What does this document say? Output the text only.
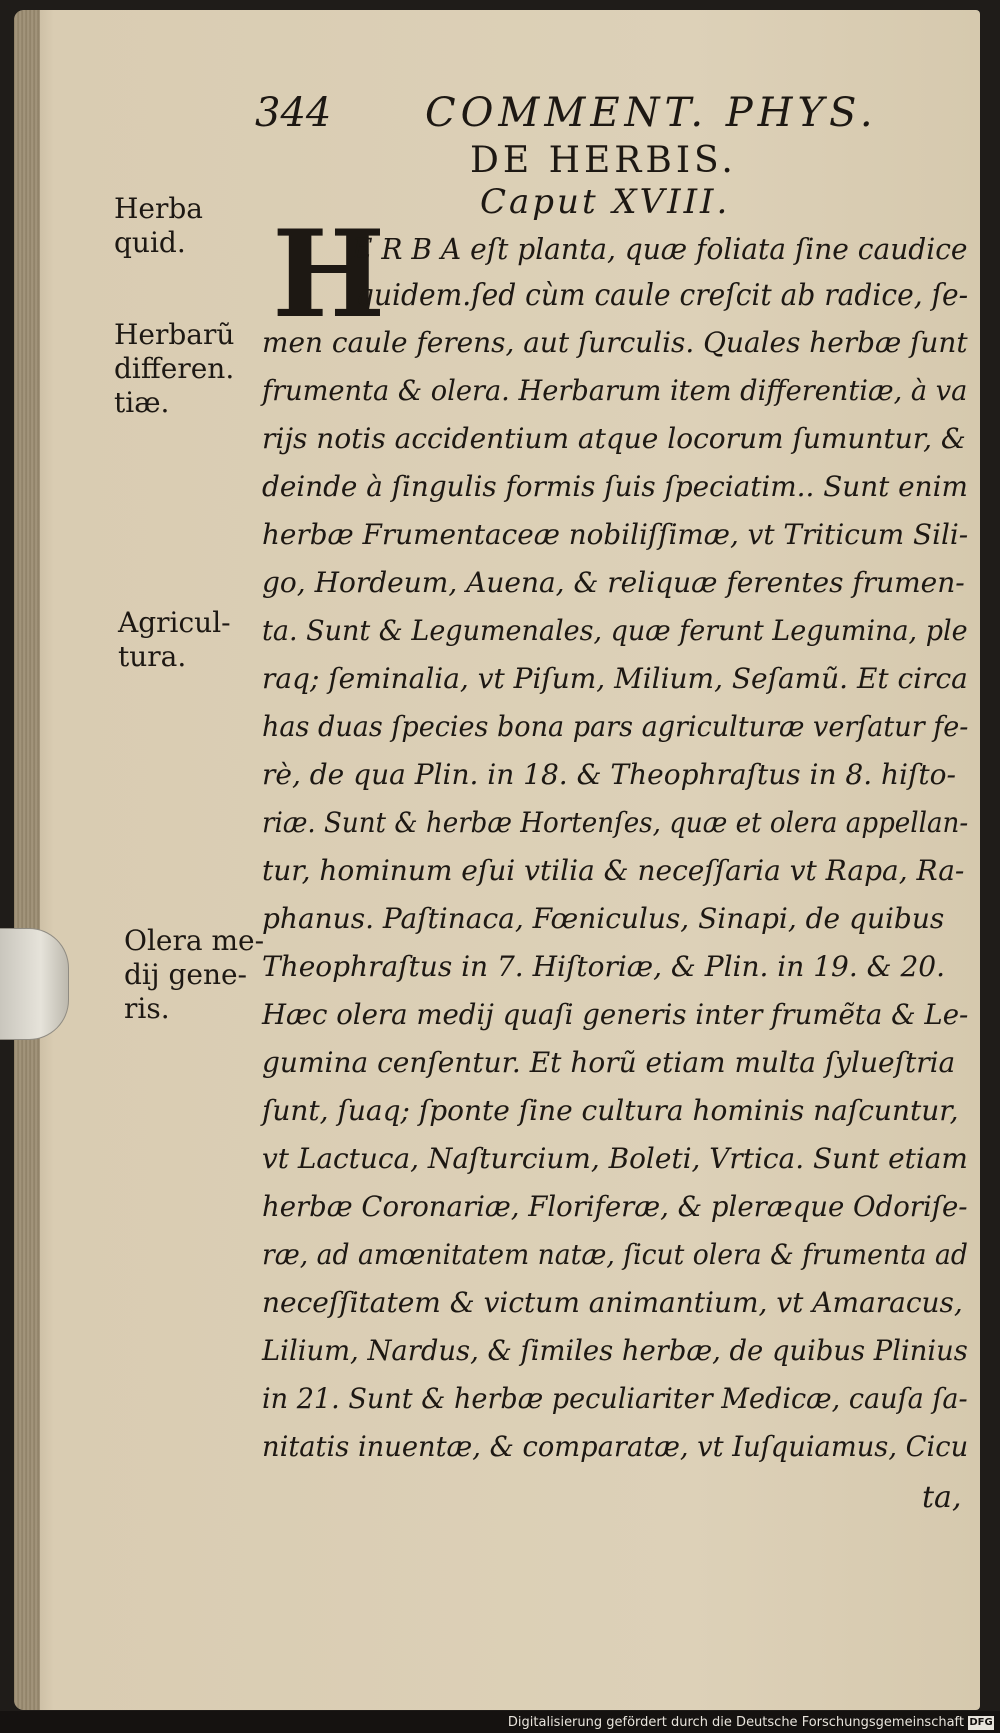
344 COMMENT. PHYS.
DE HERBIS.
Caput XVIII.
H
Herba
quid.
Herbarũ
differen.
tiæ.
Agricul-
tura.
Olera me-
dij gene-
ris.
E R B A eſt planta, quæ foliata ſine caudice
quidem.ſed cùm caule creſcit ab radice, ſe-
men caule ferens, aut ſurculis. Quales herbæ ſunt
frumenta & olera. Herbarum item differentiæ, à va
rijs notis accidentium atque locorum ſumuntur, &
deinde à ſingulis formis ſuis ſpeciatim.. Sunt enim
herbæ Frumentaceæ nobiliſſimæ, vt Triticum Sili-
go, Hordeum, Auena, & reliquæ ferentes frumen-
ta. Sunt & Legumenales, quæ ferunt Legumina, ple
raq; ſeminalia, vt Piſum, Milium, Seſamũ. Et circa
has duas ſpecies bona pars agriculturæ verſatur fe-
rè, de qua Plin. in 18. & Theophraſtus in 8. hiſto-
riæ. Sunt & herbæ Hortenſes, quæ et olera appellan-
tur, hominum eſui vtilia & neceſſaria vt Rapa, Ra-
phanus. Paſtinaca, Fœniculus, Sinapi, de quibus
Theophraſtus in 7. Hiſtoriæ, & Plin. in 19. & 20.
Hæc olera medij quaſi generis inter frumẽta & Le-
gumina cenſentur. Et horũ etiam multa ſylueſtria
ſunt, ſuaq; ſponte ſine cultura hominis naſcuntur,
vt Lactuca, Naſturcium, Boleti, Vrtica. Sunt etiam
herbæ Coronariæ, Floriferæ, & pleræque Odoriſe-
ræ, ad amœnitatem natæ, ſicut olera & frumenta ad
neceſſitatem & victum animantium, vt Amaracus,
Lilium, Nardus, & ſimiles herbæ, de quibus Plinius
in 21. Sunt & herbæ peculiariter Medicæ, cauſa ſa-
nitatis inuentæ, & comparatæ, vt Iuſquiamus, Cicu
ta,
Digitalisierung gefördert durch die Deutsche Forschungsgemeinschaft DFG
